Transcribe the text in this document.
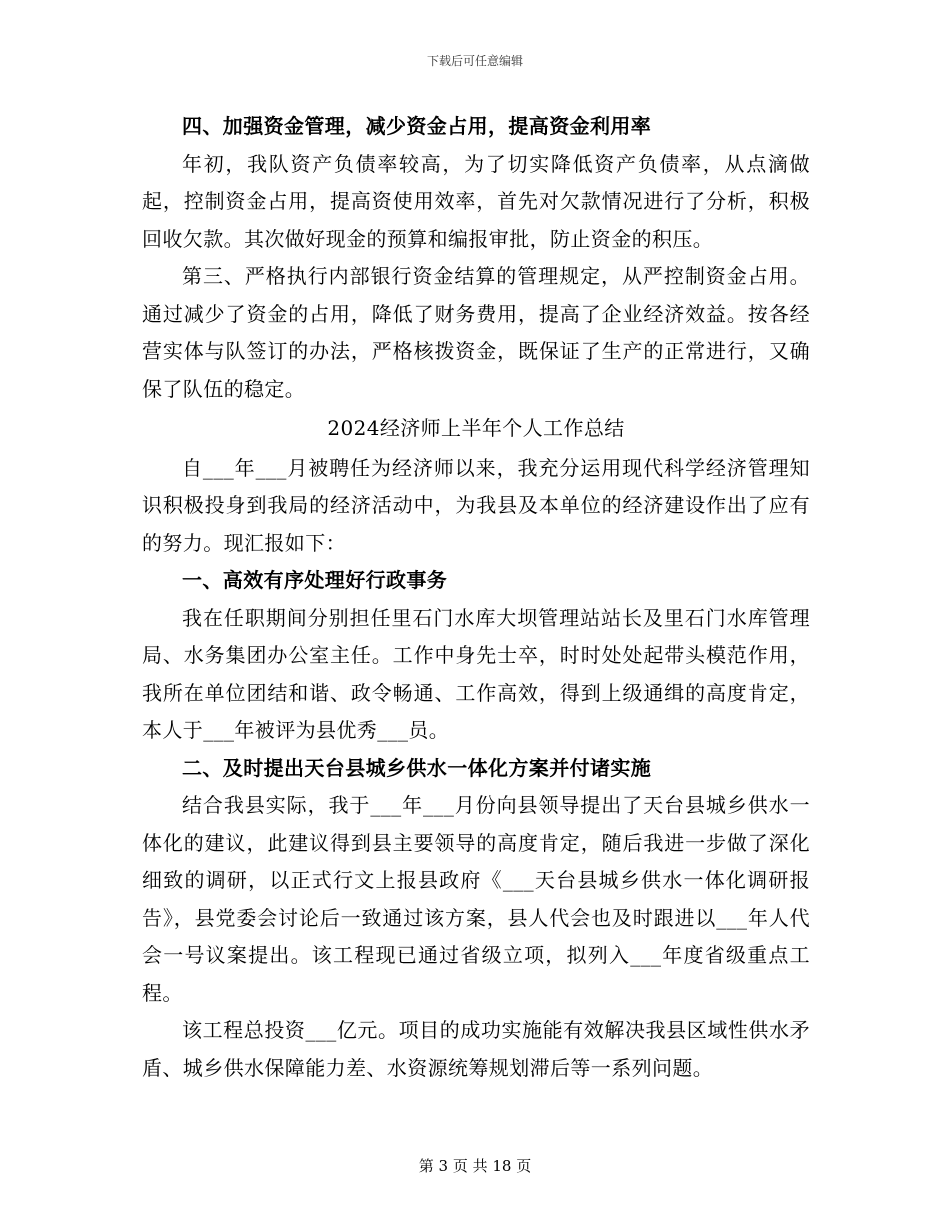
下载后可任意编辑

四、加强资金管理，减少资金占用，提高资金利用率

年初，我队资产负债率较高，为了切实降低资产负债率，从点滴做起，控制资金占用，提高资使用效率，首先对欠款情况进行了分析，积极回收欠款。其次做好现金的预算和编报审批，防止资金的积压。

第三、严格执行内部银行资金结算的管理规定，从严控制资金占用。通过减少了资金的占用，降低了财务费用，提高了企业经济效益。按各经营实体与队签订的办法，严格核拨资金，既保证了生产的正常进行，又确保了队伍的稳定。

2024经济师上半年个人工作总结

自___年___月被聘任为经济师以来，我充分运用现代科学经济管理知识积极投身到我局的经济活动中，为我县及本单位的经济建设作出了应有的努力。现汇报如下：

一、高效有序处理好行政事务

我在任职期间分别担任里石门水库大坝管理站站长及里石门水库管理局、水务集团办公室主任。工作中身先士卒，时时处处起带头模范作用，我所在单位团结和谐、政令畅通、工作高效，得到上级通缉的高度肯定，本人于___年被评为县优秀___员。

二、及时提出天台县城乡供水一体化方案并付诸实施

结合我县实际，我于___年___月份向县领导提出了天台县城乡供水一体化的建议，此建议得到县主要领导的高度肯定，随后我进一步做了深化细致的调研，以正式行文上报县政府《___天台县城乡供水一体化调研报告》，县党委会讨论后一致通过该方案，县人代会也及时跟进以___年人代会一号议案提出。该工程现已通过省级立项，拟列入___年度省级重点工程。

该工程总投资___亿元。项目的成功实施能有效解决我县区域性供水矛盾、城乡供水保障能力差、水资源统筹规划滞后等一系列问题。

第 3 页 共 18 页
